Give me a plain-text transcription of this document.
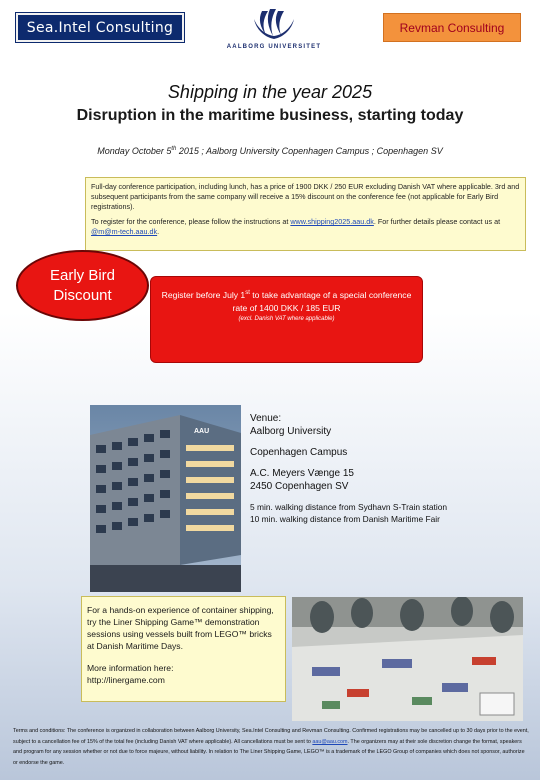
Sea.Intel Consulting
AALBORG UNIVERSITET
Revman Consulting
Shipping in the year 2025
Disruption in the maritime business, starting today
Monday October 5th 2015 ; Aalborg University Copenhagen Campus ; Copenhagen SV

Full-day conference participation, including lunch, has a price of 1900 DKK / 250 EUR excluding Danish VAT where applicable. 3rd and subsequent participants from the same company will receive a 15% discount on the conference fee (not applicable for Early Bird registrations).

To register for the conference, please follow the instructions at www.shipping2025.aau.dk. For further details please contact us at @m@m-tech.aau.dk.

Early Bird
Discount	Register before July 1st to take advantage of a special conference rate of 1400 DKK / 185 EUR
(excl. Danish VAT where applicable)
AAU
Venue:
Aalborg University
Copenhagen Campus
A.C. Meyers Vænge 15
2450 Copenhagen SV
5 min. walking distance from Sydhavn S-Train station
10 min. walking distance from Danish Maritime Fair
For a hands-on experience of container shipping, try the Liner Shipping Game™ demonstration sessions using vessels built from LEGO™ bricks at Danish Maritime Days.
More information here:
http://linergame.com
Terms and conditions: The conference is organized in collaboration between Aalborg University, Sea.Intel Consulting and Revman Consulting. Confirmed registrations may be cancelled up to 30 days prior to the event, subject to a cancellation fee of 15% of the total fee (including Danish VAT where applicable). All cancellations must be sent to aau@aau.com. The organizers may at their sole discretion change the format, speakers and program for any session whether or not due to force majeure, without liability. In relation to The Liner Shipping Game, LEGO™ is a trademark of the LEGO Group of companies which does not sponsor, authorize or endorse the game.
